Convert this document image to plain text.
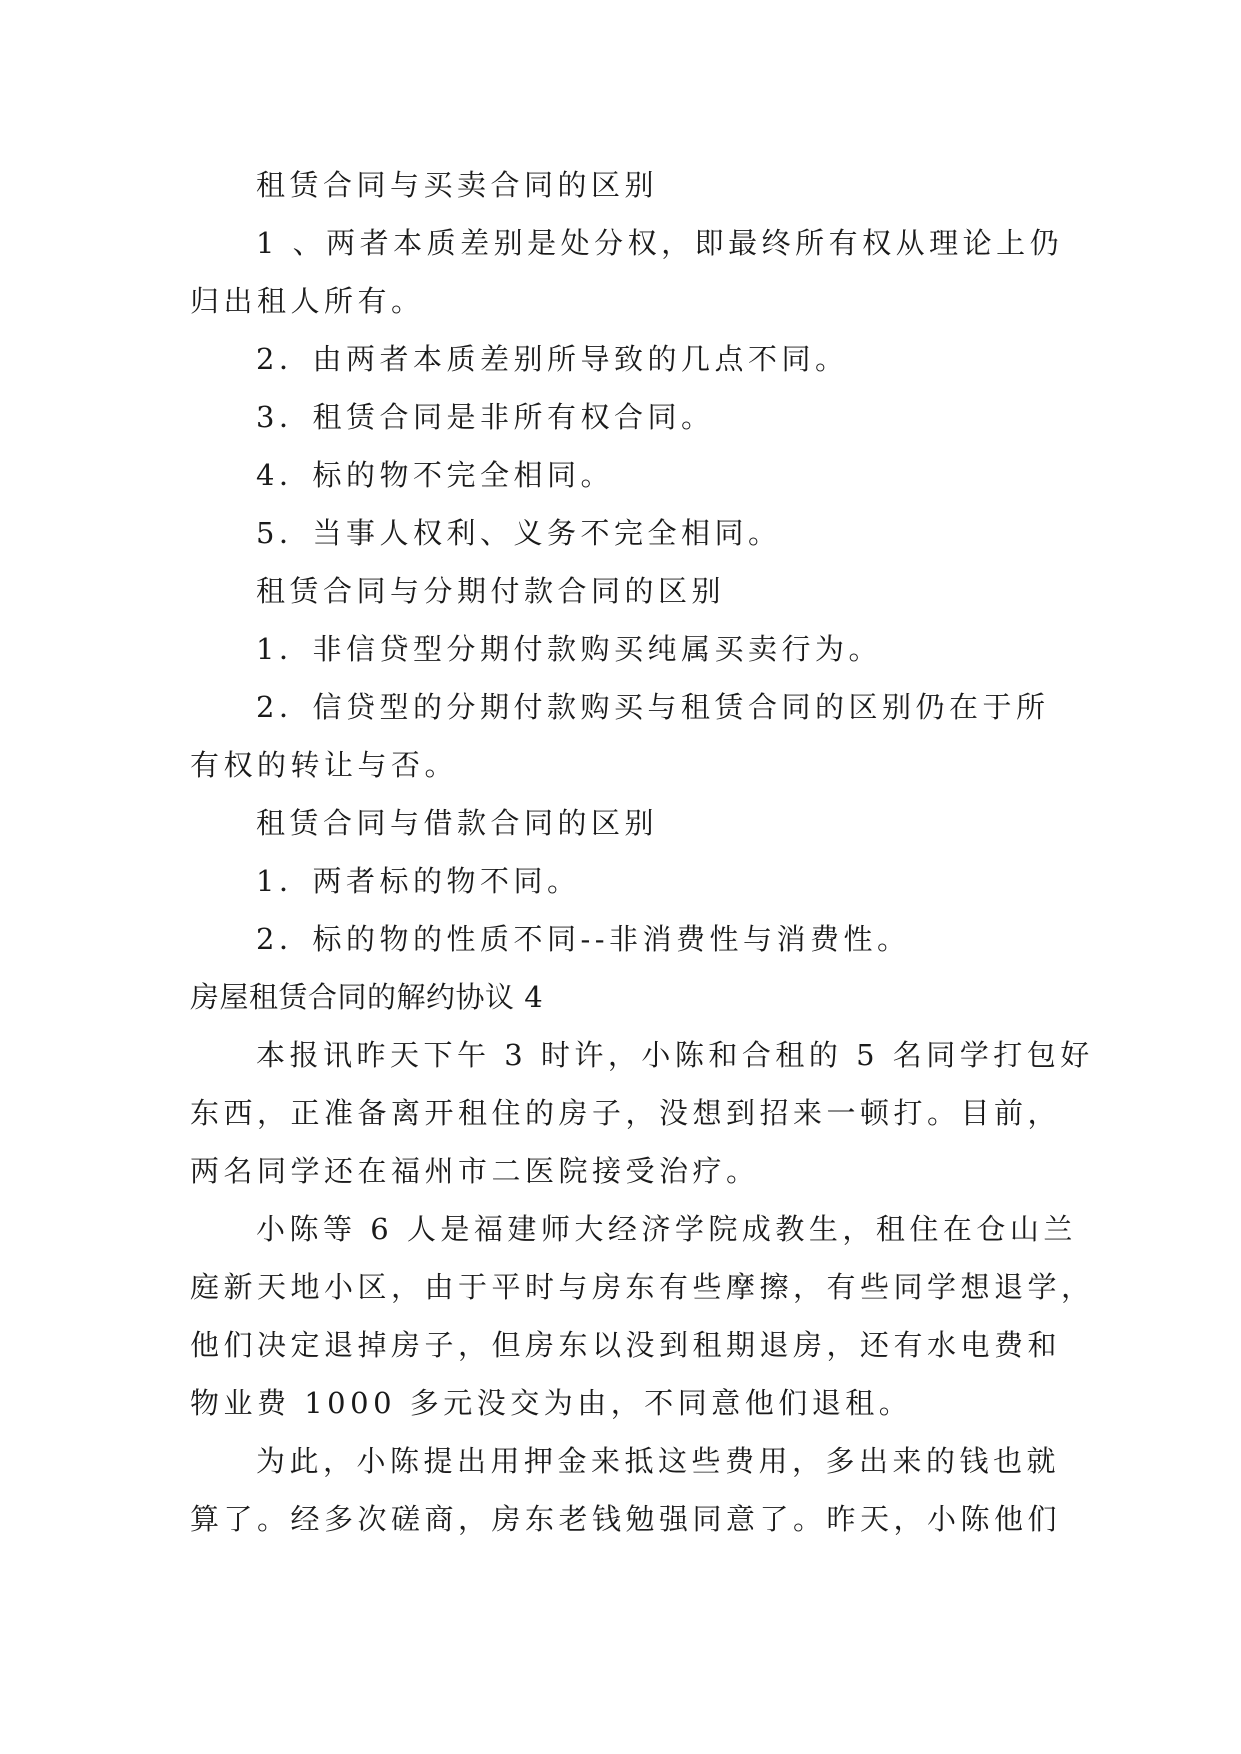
租赁合同与买卖合同的区别

1 、两者本质差别是处分权，即最终所有权从理论上仍

归出租人所有。

2．由两者本质差别所导致的几点不同。

3．租赁合同是非所有权合同。

4．标的物不完全相同。

5．当事人权利、义务不完全相同。

租赁合同与分期付款合同的区别

1．非信贷型分期付款购买纯属买卖行为。

2．信贷型的分期付款购买与租赁合同的区别仍在于所

有权的转让与否。

租赁合同与借款合同的区别

1．两者标的物不同。

2．标的物的性质不同--非消费性与消费性。

房屋租赁合同的解约协议 4

本报讯昨天下午 3 时许，小陈和合租的 5 名同学打包好

东西，正准备离开租住的房子，没想到招来一顿打。目前，

两名同学还在福州市二医院接受治疗。

小陈等 6 人是福建师大经济学院成教生，租住在仓山兰

庭新天地小区，由于平时与房东有些摩擦，有些同学想退学，

他们决定退掉房子，但房东以没到租期退房，还有水电费和

物业费 1000 多元没交为由，不同意他们退租。

为此，小陈提出用押金来抵这些费用，多出来的钱也就

算了。经多次磋商，房东老钱勉强同意了。昨天，小陈他们
